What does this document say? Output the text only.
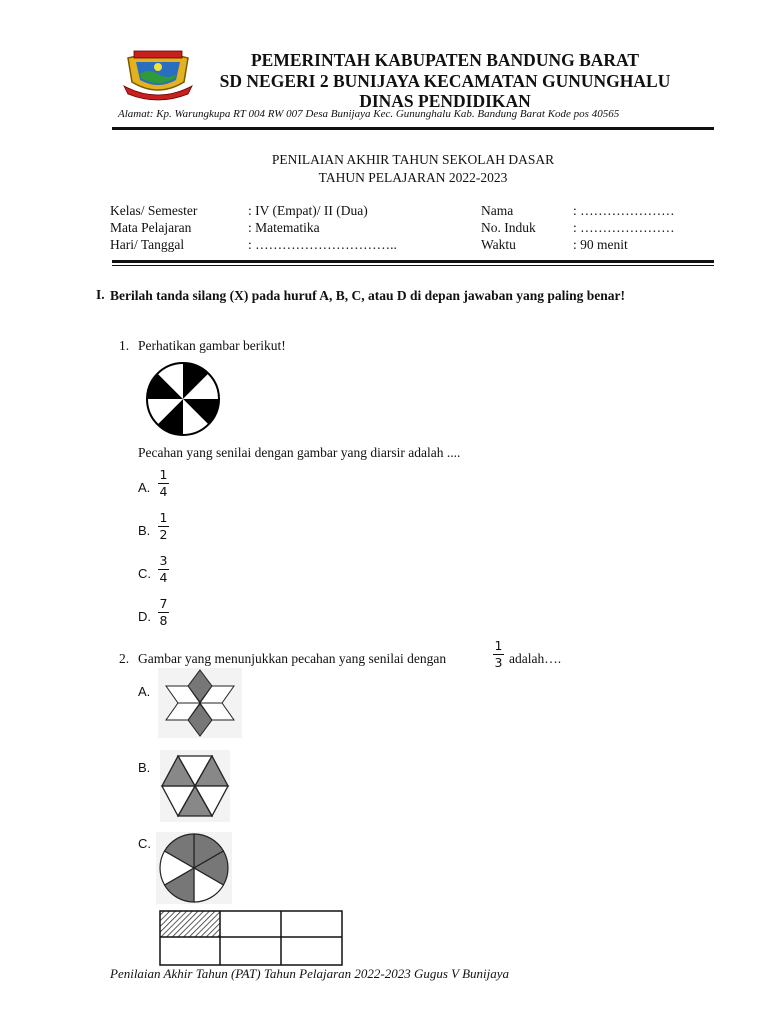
PEMERINTAH KABUPATEN BANDUNG BARAT
SD NEGERI 2 BUNIJAYA KECAMATAN GUNUNGHALU
DINAS PENDIDIKAN
Alamat: Kp. Warungkupa RT 004 RW 007 Desa Bunijaya Kec. Gununghalu Kab. Bandung Barat Kode pos 40565
PENILAIAN AKHIR TAHUN SEKOLAH DASAR
TAHUN PELAJARAN 2022-2023
Kelas/ Semester	: IV (Empat)/ II (Dua)
Mata Pelajaran	: Matematika
Hari/ Tanggal	: …………………………..
Nama	: …………………
No. Induk	: …………………
Waktu	: 90 menit
I. Berilah tanda silang (X) pada huruf A, B, C, atau D di depan jawaban yang paling benar!
1. Perhatikan gambar berikut!
Pecahan yang senilai dengan gambar yang diarsir adalah ....
A.
1
4
B.
1
2
C.
3
4
D.
7
8
2. Gambar yang menunjukkan pecahan yang senilai dengan
1
3 adalah….
A.
B.
C.
Penilaian Akhir Tahun (PAT) Tahun Pelajaran 2022-2023 Gugus V Bunijaya
